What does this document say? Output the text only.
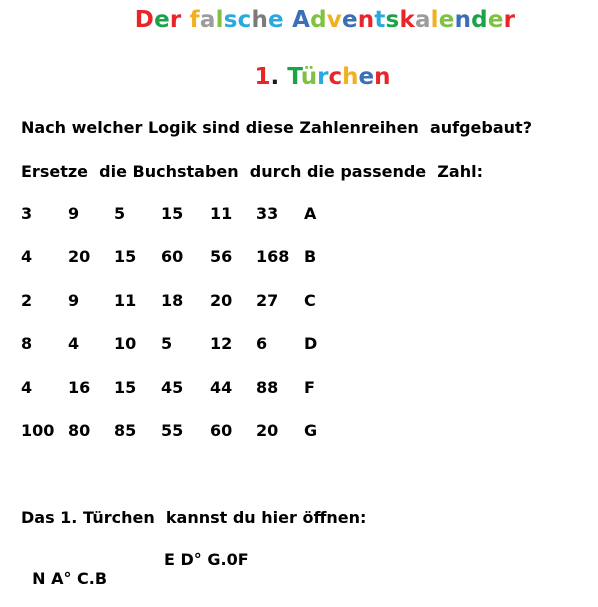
Der falsche Adventskalender
1. Türchen
Nach welcher Logik sind diese Zahlenreihen  aufgebaut?
Ersetze  die Buchstaben  durch die passende  Zahl:
3 9 5 15 11 33 A
4 20 15 60 56 168 B
2 9 11 18 20 27 C
8 4 10 5 12 6 D
4 16 15 45 44 88 F
100 80 85 55 60 20 G
Das 1. Türchen  kannst du hier öffnen:

N A° C.B

E D° G.0F
